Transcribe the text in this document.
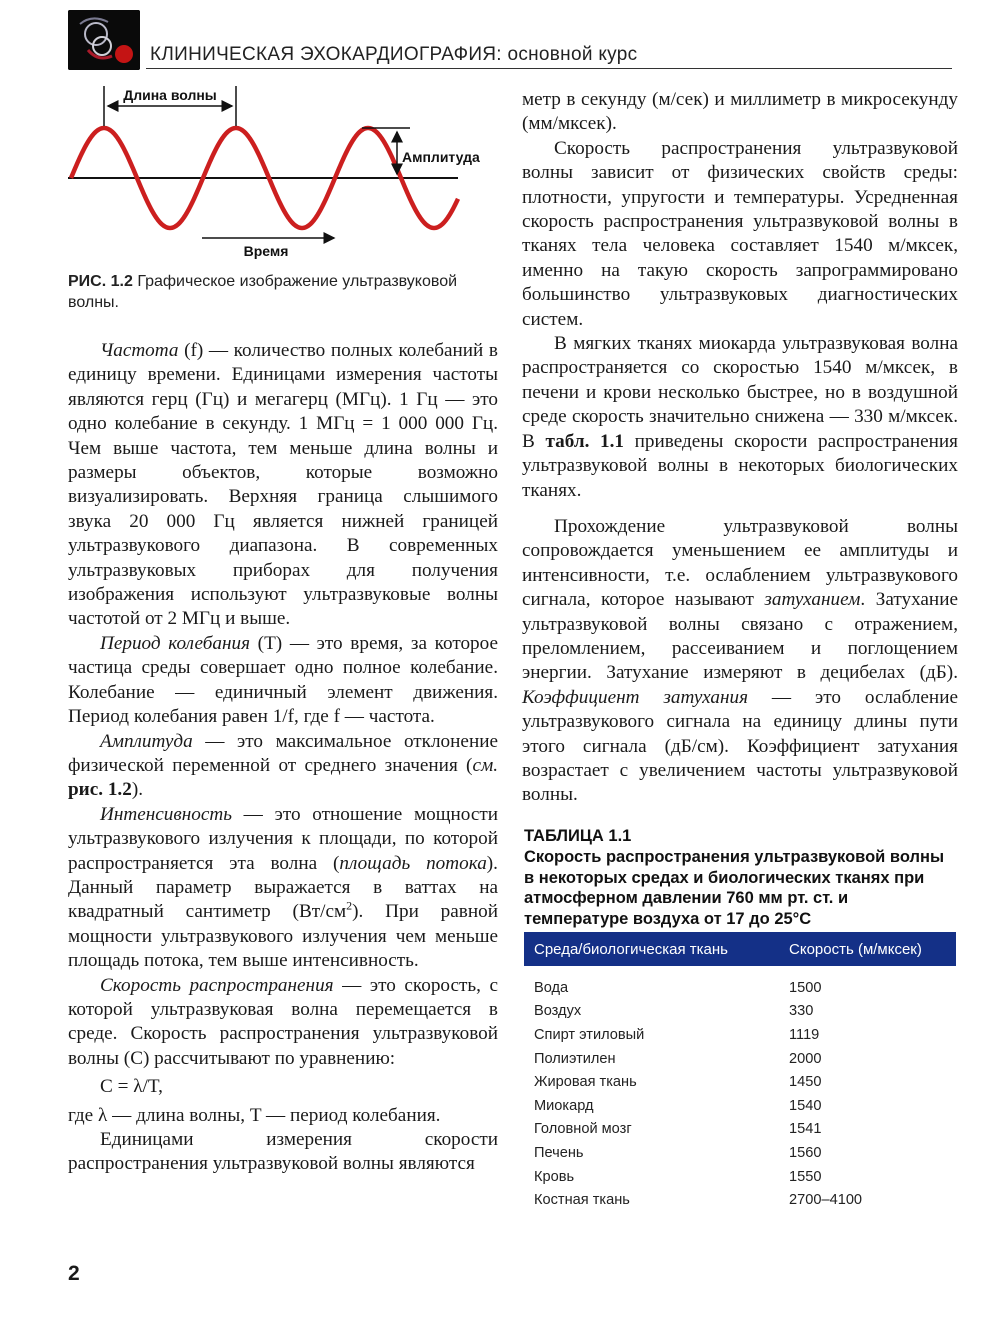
КЛИНИЧЕСКАЯ ЭХОКАРДИОГРАФИЯ: основной курс
Длина волны
Амплитуда
Время
РИС. 1.2 Графическое изображение ультразвуковой волны.

Частота (f) — количество полных колебаний в единицу времени. Единицами измерения частоты являются герц (Гц) и мегагерц (МГц). 1 Гц — это одно колебание в секунду. 1 МГц = 1 000 000 Гц. Чем выше частота, тем меньше длина волны и размеры объектов, которые возможно визуализировать. Верхняя граница слышимого звука 20 000 Гц является нижней границей ультразвукового диапазона. В современных ультразвуковых приборах для получения изображения используют ультразвуковые волны частотой от 2 МГц и выше.

Период колебания (T) — это время, за которое частица среды совершает одно полное колебание. Колебание — единичный элемент движения. Период колебания равен 1/f, где f — частота.

Амплитуда — это максимальное отклонение физической переменной от среднего значения (см. рис. 1.2).

Интенсивность — это отношение мощности ультразвукового излучения к площади, по которой распространяется эта волна (площадь потока). Данный параметр выражается в ваттах на квадратный сантиметр $(Вт/см^2)$. При равной мощности ультразвукового излучения чем меньше площадь потока, тем выше интенсивность.

Скорость распространения — это скорость, с которой ультразвуковая волна перемещается в среде. Скорость распространения ультразвуковой волны (С) рассчитывают по уравнению:

C = λ/T,

где λ — длина волны, T — период колебания.

Единицами измерения скорости распространения ультразвуковой волны являются

метр в секунду (м/сек) и миллиметр в микросекунду (мм/мксек).

Скорость распространения ультразвуковой волны зависит от физических свойств среды: плотности, упругости и температуры. Усредненная скорость распространения ультразвуковой волны в тканях тела человека составляет 1540 м/мксек, именно на такую скорость запрограммировано большинство ультразвуковых диагностических систем.

В мягких тканях миокарда ультразвуковая волна распространяется со скоростью 1540 м/мксек, в печени и крови несколько быстрее, но в воздушной среде скорость значительно снижена — 330 м/мксек. В табл. 1.1 приведены скорости распространения ультразвуковой волны в некоторых биологических тканях.

Прохождение ультразвуковой волны сопровождается уменьшением ее амплитуды и интенсивности, т.е. ослаблением ультразвукового сигнала, которое называют затуханием. Затухание ультразвуковой волны связано с отражением, преломлением, рассеиванием и поглощением энергии. Затухание измеряют в децибелах (дБ). Коэффициент затухания — это ослабление ультразвукового сигнала на единицу длины пути этого сигнала (дБ/см). Коэффициент затухания возрастает с увеличением частоты ультразвуковой волны.

ТАБЛИЦА 1.1
Скорость распространения ультразвуковой волны в некоторых средах и биологических тканях при атмосферном давлении 760 мм рт. ст. и температуре воздуха от 17 до 25°С
Среда/биологическая ткань	Скорость (м/мксек)
Вода	1500
Воздух	330
Спирт этиловый	1119
Полиэтилен	2000
Жировая ткань	1450
Миокард	1540
Головной мозг	1541
Печень	1560
Кровь	1550
Костная ткань	2700–4100
2
